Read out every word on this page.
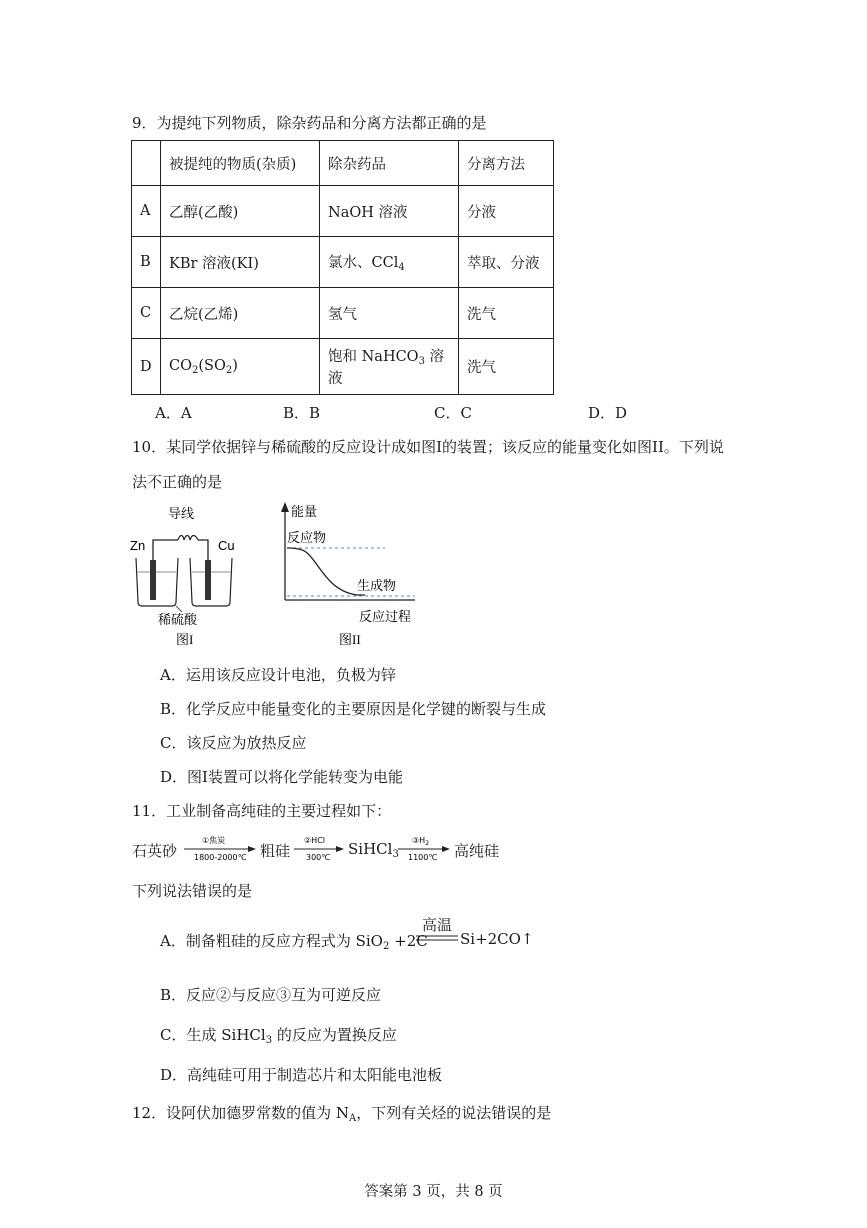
9．为提纯下列物质，除杂药品和分离方法都正确的是
	被提纯的物质(杂质)	除杂药品	分离方法
A	乙醇(乙酸)	NaOH 溶液	分液
B	KBr 溶液(KI)	氯水、CCl$_4$	萃取、分液
C	乙烷(乙烯)	氢气	洗气
D	$CO_2(SO_2)$	饱和 NaHCO$_3$ 溶液	洗气
A．A	B．B	C．C	D．D
10．某同学依据锌与稀硫酸的反应设计成如图I的装置；该反应的能量变化如图II。下列说
法不正确的是
导线
Zn	Cu
稀硫酸
图I
能量
反应物
生成物
反应过程
图II
A．运用该反应设计电池，负极为锌
B．化学反应中能量变化的主要原因是化学键的断裂与生成
C．该反应为放热反应
D．图I装置可以将化学能转变为电能
11．工业制备高纯硅的主要过程如下：
石英砂
①焦炭
1800-2000℃ 粗硅
②HCl
300℃ SiHCl$_3$
$③H_2$
1100℃ 高纯硅
下列说法错误的是
A．制备粗硅的反应方程式为 SiO$_2$ +2C
高温
Si+2CO↑
B．反应②与反应③互为可逆反应
C．生成 SiHCl$_3$ 的反应为置换反应
D．高纯硅可用于制造芯片和太阳能电池板
12．设阿伏加德罗常数的值为 $N_A$，下列有关烃的说法错误的是
答案第 3 页，共 8 页
